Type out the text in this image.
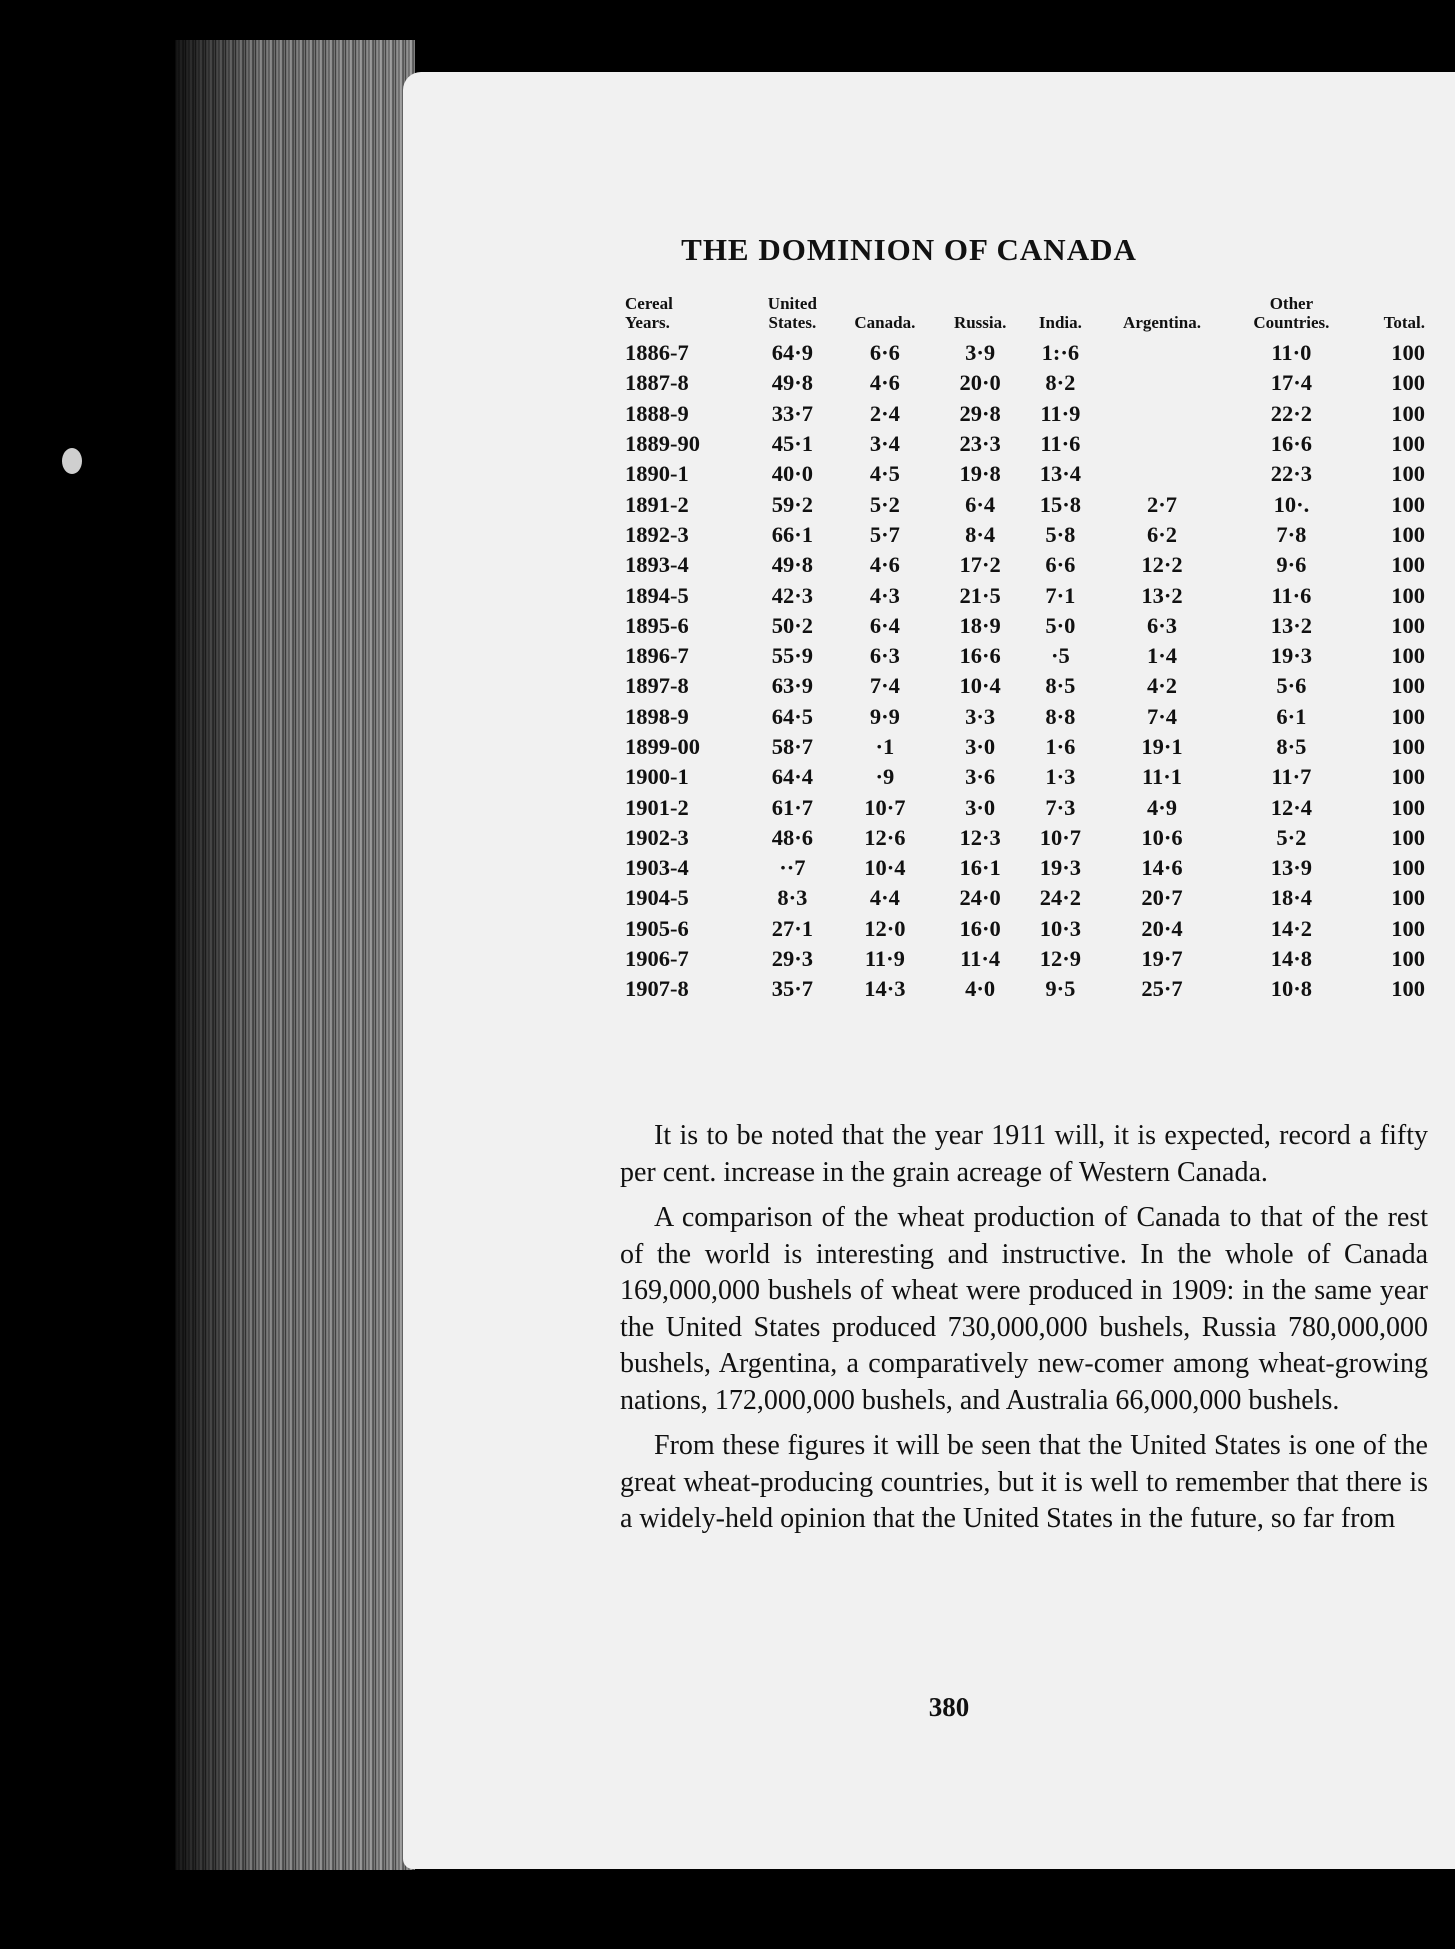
THE DOMINION OF CANADA
Cereal
Years.	United
States.	Canada.	Russia.	India.	Argentina.	Other
Countries.	Total.
1886-7	64·9	6·6	3·9	1:·6		11·0	100
1887-8	49·8	4·6	20·0	8·2		17·4	100
1888-9	33·7	2·4	29·8	11·9		22·2	100
1889-90	45·1	3·4	23·3	11·6		16·6	100
1890-1	40·0	4·5	19·8	13·4		22·3	100
1891-2	59·2	5·2	6·4	15·8	2·7	10·.	100
1892-3	66·1	5·7	8·4	5·8	6·2	7·8	100
1893-4	49·8	4·6	17·2	6·6	12·2	9·6	100
1894-5	42·3	4·3	21·5	7·1	13·2	11·6	100
1895-6	50·2	6·4	18·9	5·0	6·3	13·2	100
1896-7	55·9	6·3	16·6	·5	1·4	19·3	100
1897-8	63·9	7·4	10·4	8·5	4·2	5·6	100
1898-9	64·5	9·9	3·3	8·8	7·4	6·1	100
1899-00	58·7	·1	3·0	1·6	19·1	8·5	100
1900-1	64·4	·9	3·6	1·3	11·1	11·7	100
1901-2	61·7	10·7	3·0	7·3	4·9	12·4	100
1902-3	48·6	12·6	12·3	10·7	10·6	5·2	100
1903-4	··7	10·4	16·1	19·3	14·6	13·9	100
1904-5	8·3	4·4	24·0	24·2	20·7	18·4	100
1905-6	27·1	12·0	16·0	10·3	20·4	14·2	100
1906-7	29·3	11·9	11·4	12·9	19·7	14·8	100
1907-8	35·7	14·3	4·0	9·5	25·7	10·8	100

It is to be noted that the year 1911 will, it is expected, record a fifty per cent. increase in the grain acreage of Western Canada.

A comparison of the wheat production of Canada to that of the rest of the world is interesting and instructive. In the whole of Canada 169,000,000 bushels of wheat were produced in 1909: in the same year the United States produced 730,000,000 bushels, Russia 780,000,000 bushels, Argentina, a comparatively new-comer among wheat-growing nations, 172,000,000 bushels, and Australia 66,000,000 bushels.

From these figures it will be seen that the United States is one of the great wheat-producing countries, but it is well to remember that there is a widely-held opinion that the United States in the future, so far from

380
